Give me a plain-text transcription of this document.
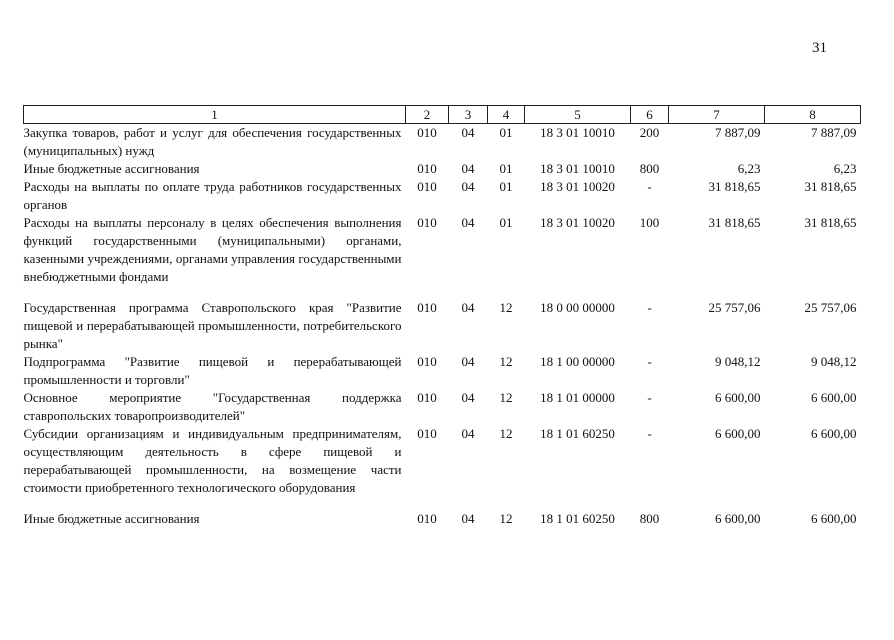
31
1	2	3	4	5	6	7	8
Закупка товаров, работ и услуг для обеспечения государственных (муниципальных) нужд	010	04	01	18 3 01 10010	200	7 887,09	7 887,09
Иные бюджетные ассигнования	010	04	01	18 3 01 10010	800	6,23	6,23
Расходы на выплаты по оплате труда работников государственных органов	010	04	01	18 3 01 10020	-	31 818,65	31 818,65
Расходы на выплаты персоналу в целях обеспечения выполнения функций государственными (муниципальными) органами, казенными учреждениями, органами управления государственными внебюджетными фондами	010	04	01	18 3 01 10020	100	31 818,65	31 818,65
Государственная программа Ставропольского края "Развитие пищевой и перерабатывающей промышленности, потребительского рынка"	010	04	12	18 0 00 00000	-	25 757,06	25 757,06
Подпрограмма "Развитие пищевой и перерабатывающей промышленности и торговли"	010	04	12	18 1 00 00000	-	9 048,12	9 048,12
Основное мероприятие "Государственная поддержка ставропольских товаропроизводителей"	010	04	12	18 1 01 00000	-	6 600,00	6 600,00
Субсидии организациям и индивидуальным предпринимателям, осуществляющим деятельность в сфере пищевой и перерабатывающей промышленности, на возмещение части стоимости приобретенного технологического оборудования	010	04	12	18 1 01 60250	-	6 600,00	6 600,00
Иные бюджетные ассигнования	010	04	12	18 1 01 60250	800	6 600,00	6 600,00
